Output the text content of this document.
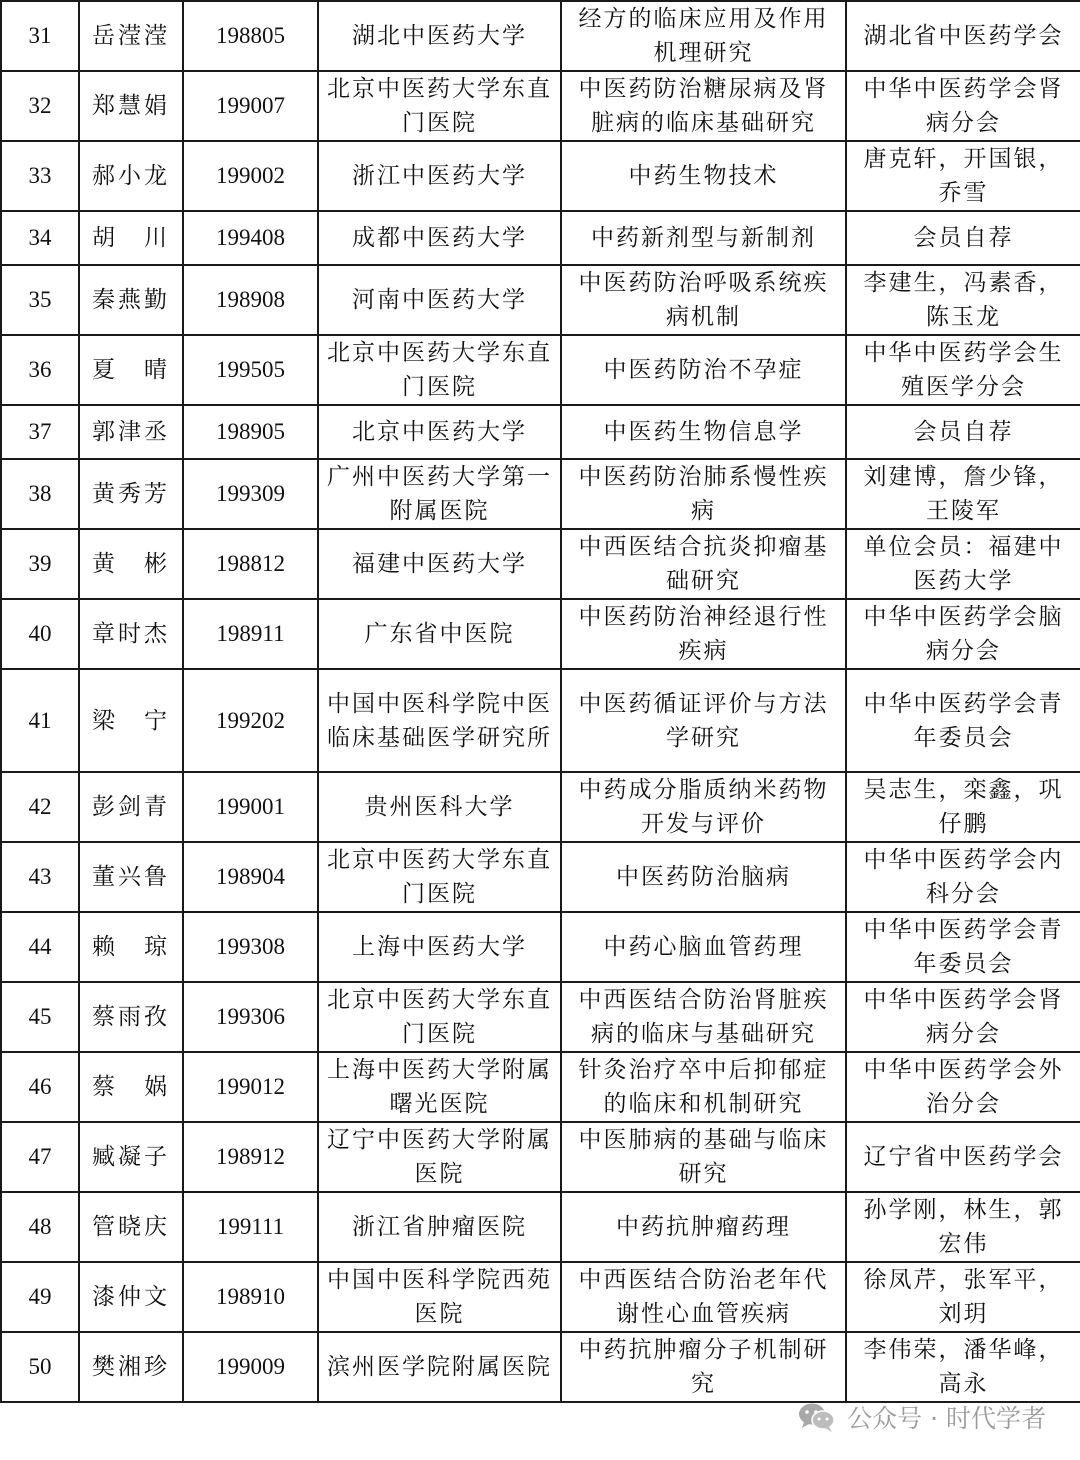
31	岳滢滢	198805	湖北中医药大学	经方的临床应用及作用机理研究	湖北省中医药学会
32	郑慧娟	199007	北京中医药大学东直门医院	中医药防治糖尿病及肾脏病的临床基础研究	中华中医药学会肾病分会
33	郝小龙	199002	浙江中医药大学	中药生物技术	唐克轩，开国银，乔雪
34	胡　川	199408	成都中医药大学	中药新剂型与新制剂	会员自荐
35	秦燕勤	198908	河南中医药大学	中医药防治呼吸系统疾病机制	李建生，冯素香，陈玉龙
36	夏　晴	199505	北京中医药大学东直门医院	中医药防治不孕症	中华中医药学会生殖医学分会
37	郭津丞	198905	北京中医药大学	中医药生物信息学	会员自荐
38	黄秀芳	199309	广州中医药大学第一附属医院	中医药防治肺系慢性疾病	刘建博，詹少锋，王陵军
39	黄　彬	198812	福建中医药大学	中西医结合抗炎抑瘤基础研究	单位会员：福建中医药大学
40	章时杰	198911	广东省中医院	中医药防治神经退行性疾病	中华中医药学会脑病分会
41	梁　宁	199202	中国中医科学院中医临床基础医学研究所	中医药循证评价与方法学研究	中华中医药学会青年委员会
42	彭剑青	199001	贵州医科大学	中药成分脂质纳米药物开发与评价	吴志生，栾鑫，巩仔鹏
43	董兴鲁	198904	北京中医药大学东直门医院	中医药防治脑病	中华中医药学会内科分会
44	赖　琼	199308	上海中医药大学	中药心脑血管药理	中华中医药学会青年委员会
45	蔡雨孜	199306	北京中医药大学东直门医院	中西医结合防治肾脏疾病的临床与基础研究	中华中医药学会肾病分会
46	蔡　娲	199012	上海中医药大学附属曙光医院	针灸治疗卒中后抑郁症的临床和机制研究	中华中医药学会外治分会
47	臧凝子	198912	辽宁中医药大学附属医院	中医肺病的基础与临床研究	辽宁省中医药学会
48	管晓庆	199111	浙江省肿瘤医院	中药抗肿瘤药理	孙学刚，林生，郭宏伟
49	漆仲文	198910	中国中医科学院西苑医院	中西医结合防治老年代谢性心血管疾病	徐凤芹，张军平，刘玥
50	樊湘珍	199009	滨州医学院附属医院	中药抗肿瘤分子机制研究	李伟荣，潘华峰，高永
公众号 · 时代学者
